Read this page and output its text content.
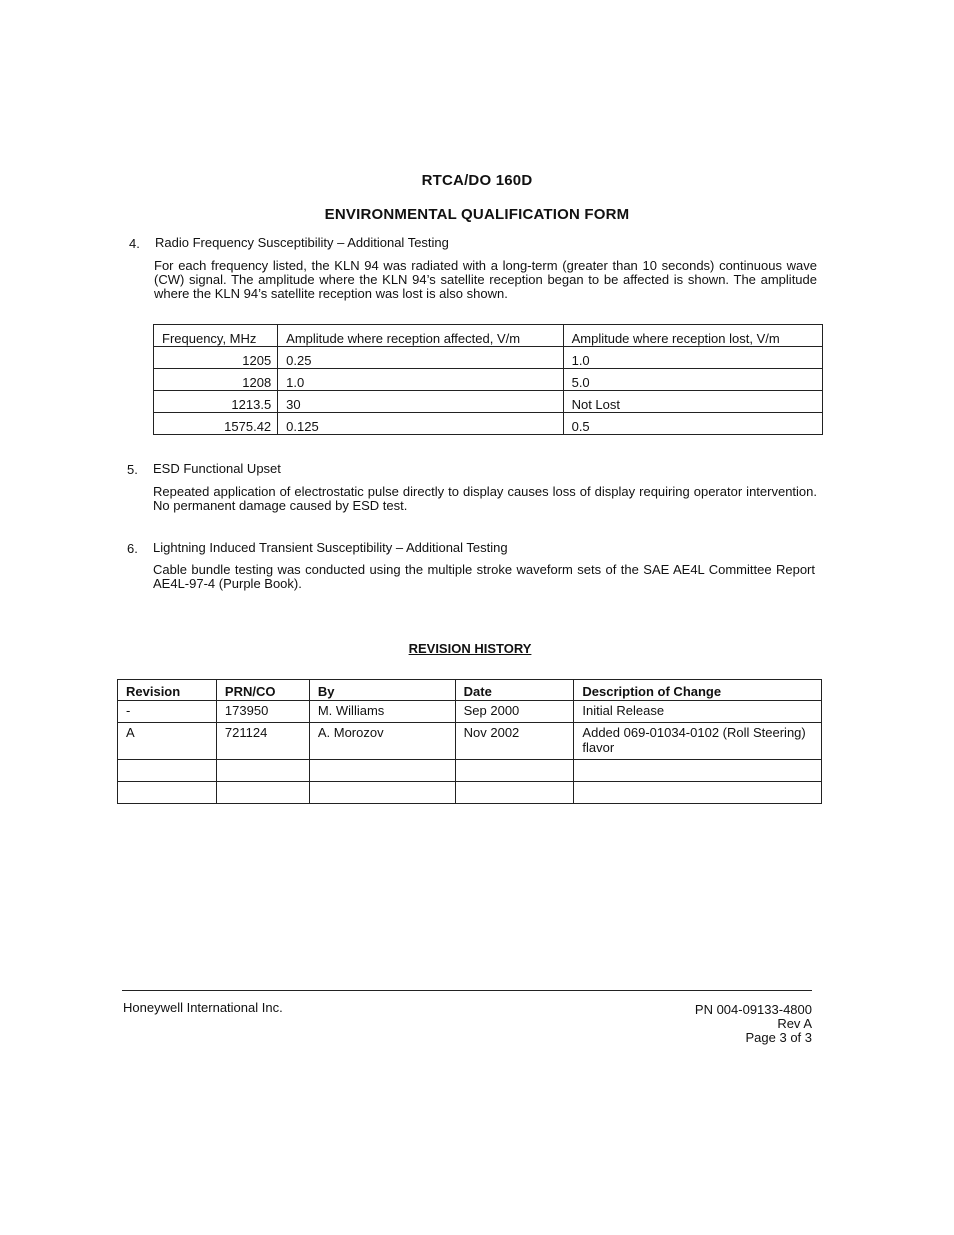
RTCA/DO 160D
ENVIRONMENTAL QUALIFICATION FORM
4. Radio Frequency Susceptibility – Additional Testing
For each frequency listed, the KLN 94 was radiated with a long-term (greater than 10 seconds) continuous wave (CW) signal. The amplitude where the KLN 94’s satellite reception began to be affected is shown. The amplitude where the KLN 94’s satellite reception was lost is also shown.
Frequency, MHz	Amplitude where reception affected, V/m	Amplitude where reception lost, V/m
1205	0.25	1.0
1208	1.0	5.0
1213.5	30	Not Lost
1575.42	0.125	0.5
5. ESD Functional Upset
Repeated application of electrostatic pulse directly to display causes loss of display requiring operator intervention. No permanent damage caused by ESD test.
6. Lightning Induced Transient Susceptibility – Additional Testing
Cable bundle testing was conducted using the multiple stroke waveform sets of the SAE AE4L Committee Report AE4L-97-4 (Purple Book).
REVISION HISTORY
Revision	PRN/CO	By	Date	Description of Change
-	173950	M. Williams	Sep 2000	Initial Release
A	721124	A. Morozov	Nov 2002	Added 069-01034-0102 (Roll Steering) flavor

Honeywell International Inc.	PN 004-09133-4800
Rev A
Page 3 of 3
